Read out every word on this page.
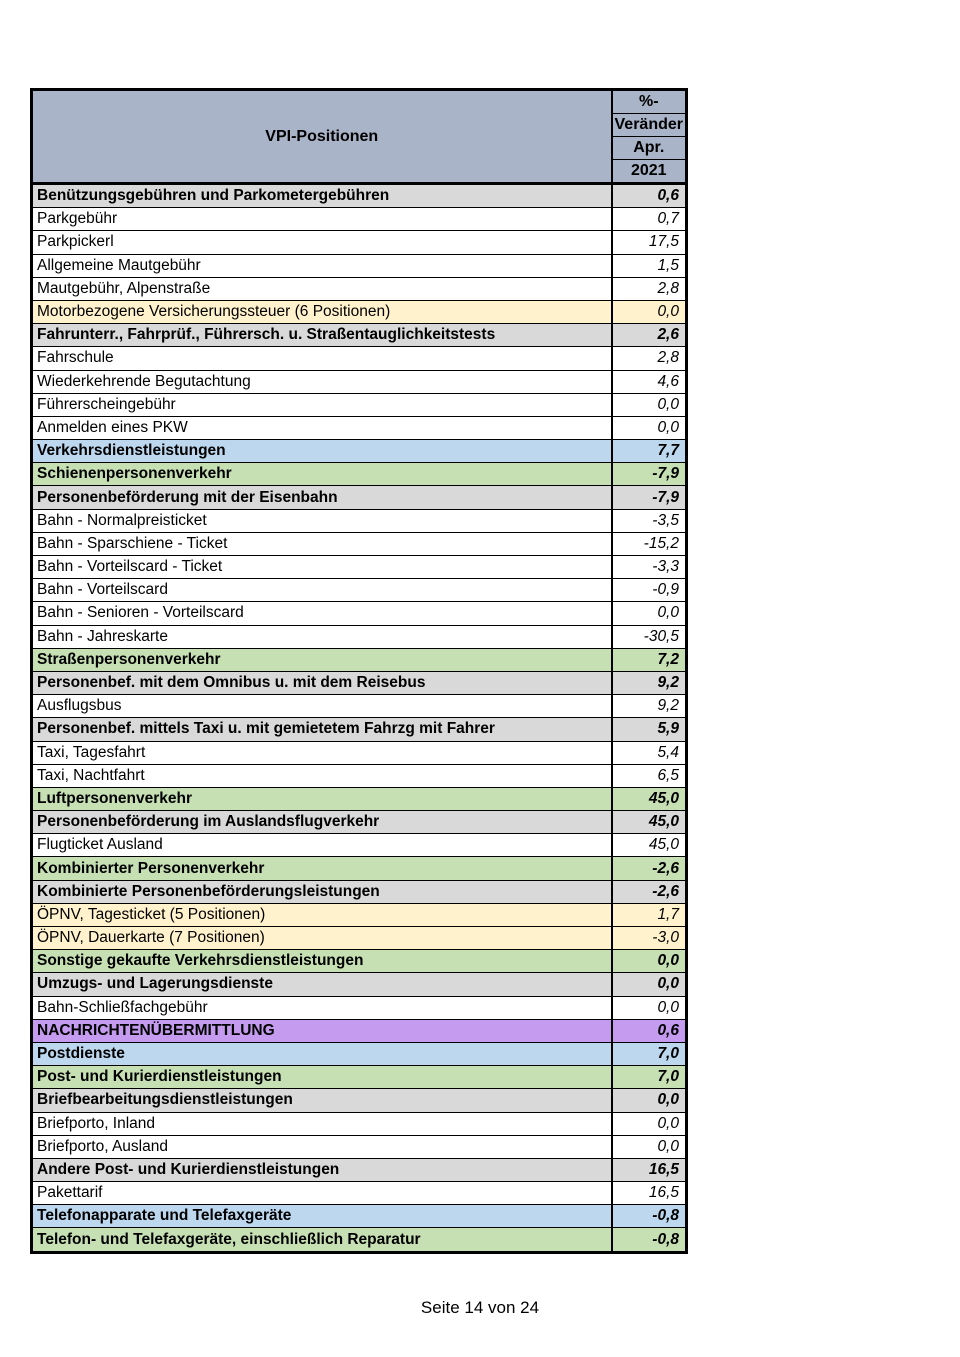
VPI-Positionen	%-
	Veränder
	Apr.
	2021
Benützungsgebühren und Parkometergebühren	0,6
Parkgebühr	0,7
Parkpickerl	17,5
Allgemeine Mautgebühr	1,5
Mautgebühr, Alpenstraße	2,8
Motorbezogene Versicherungssteuer (6 Positionen)	0,0
Fahrunterr., Fahrprüf., Führersch. u. Straßentauglichkeitstests	2,6
Fahrschule	2,8
Wiederkehrende Begutachtung	4,6
Führerscheingebühr	0,0
Anmelden eines PKW	0,0
Verkehrsdienstleistungen	7,7
Schienenpersonenverkehr	-7,9
Personenbeförderung mit der Eisenbahn	-7,9
Bahn - Normalpreisticket	-3,5
Bahn - Sparschiene - Ticket	-15,2
Bahn - Vorteilscard - Ticket	-3,3
Bahn - Vorteilscard	-0,9
Bahn - Senioren - Vorteilscard	0,0
Bahn - Jahreskarte	-30,5
Straßenpersonenverkehr	7,2
Personenbef. mit dem Omnibus u. mit dem Reisebus	9,2
Ausflugsbus	9,2
Personenbef. mittels Taxi u. mit gemietetem Fahrzg mit Fahrer	5,9
Taxi, Tagesfahrt	5,4
Taxi, Nachtfahrt	6,5
Luftpersonenverkehr	45,0
Personenbeförderung im Auslandsflugverkehr	45,0
Flugticket Ausland	45,0
Kombinierter Personenverkehr	-2,6
Kombinierte Personenbeförderungsleistungen	-2,6
ÖPNV, Tagesticket (5 Positionen)	1,7
ÖPNV, Dauerkarte (7 Positionen)	-3,0
Sonstige gekaufte Verkehrsdienstleistungen	0,0
Umzugs- und Lagerungsdienste	0,0
Bahn-Schließfachgebühr	0,0
NACHRICHTENÜBERMITTLUNG	0,6
Postdienste	7,0
Post- und Kurierdienstleistungen	7,0
Briefbearbeitungsdienstleistungen	0,0
Briefporto, Inland	0,0
Briefporto, Ausland	0,0
Andere Post- und Kurierdienstleistungen	16,5
Pakettarif	16,5
Telefonapparate und Telefaxgeräte	-0,8
Telefon- und Telefaxgeräte, einschließlich Reparatur	-0,8
Seite 14 von 24
